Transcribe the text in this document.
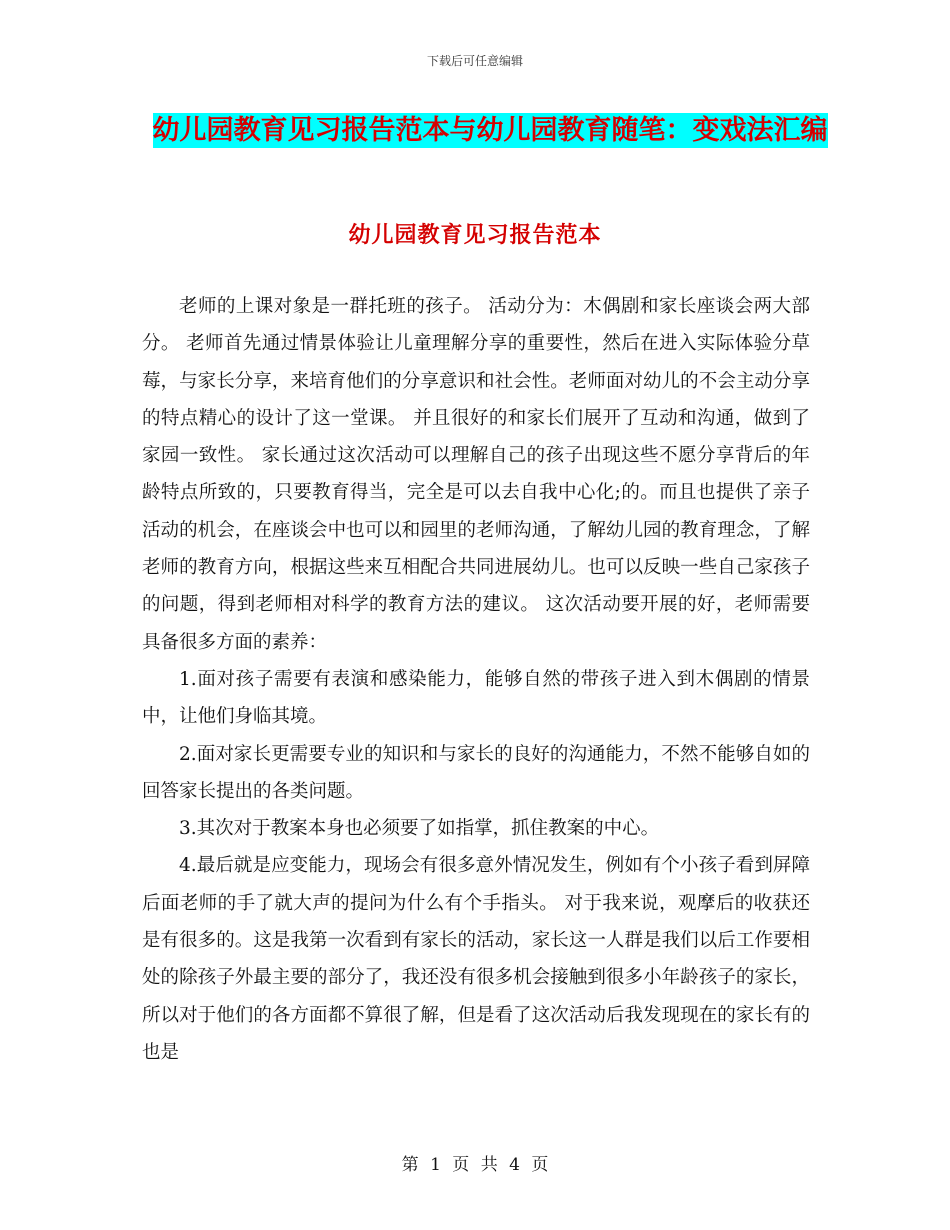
下载后可任意编辑
幼儿园教育见习报告范本与幼儿园教育随笔：变戏法汇编
幼儿园教育见习报告范本

老师的上课对象是一群托班的孩子。 活动分为：木偶剧和家长座谈会两大部分。 老师首先通过情景体验让儿童理解分享的重要性，然后在进入实际体验分草莓，与家长分享，来培育他们的分享意识和社会性。老师面对幼儿的不会主动分享的特点精心的设计了这一堂课。 并且很好的和家长们展开了互动和沟通，做到了家园一致性。 家长通过这次活动可以理解自己的孩子出现这些不愿分享背后的年龄特点所致的，只要教育得当，完全是可以去自我中心化;的。而且也提供了亲子活动的机会，在座谈会中也可以和园里的老师沟通，了解幼儿园的教育理念，了解老师的教育方向，根据这些来互相配合共同进展幼儿。也可以反映一些自己家孩子的问题，得到老师相对科学的教育方法的建议。 这次活动要开展的好，老师需要具备很多方面的素养：

1.面对孩子需要有表演和感染能力，能够自然的带孩子进入到木偶剧的情景中，让他们身临其境。

2.面对家长更需要专业的知识和与家长的良好的沟通能力，不然不能够自如的回答家长提出的各类问题。

3.其次对于教案本身也必须要了如指掌，抓住教案的中心。

4.最后就是应变能力，现场会有很多意外情况发生，例如有个小孩子看到屏障后面老师的手了就大声的提问为什么有个手指头。 对于我来说，观摩后的收获还是有很多的。这是我第一次看到有家长的活动，家长这一人群是我们以后工作要相处的除孩子外最主要的部分了，我还没有很多机会接触到很多小年龄孩子的家长，所以对于他们的各方面都不算很了解，但是看了这次活动后我发现现在的家长有的也是

第 1 页 共 4 页
